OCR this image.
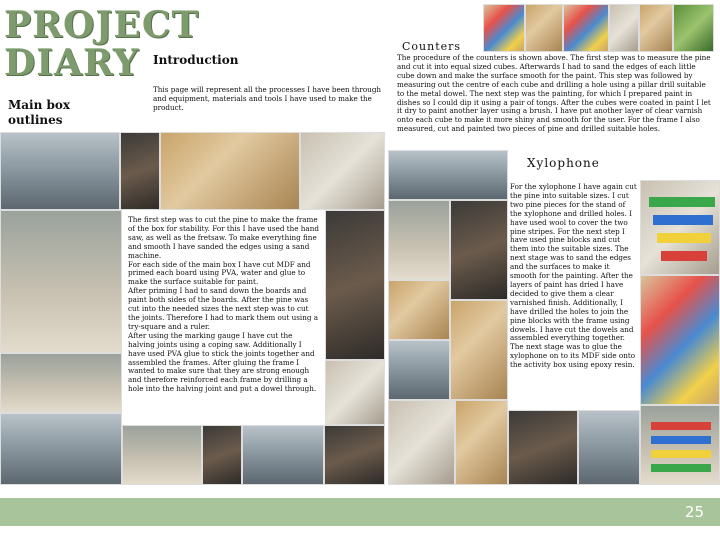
PROJECT
DIARY
Main box outlines
Introduction
This page will represent all the processes I have been through and equipment, materials and tools I have used to make the product.
Counters
The procedure of the counters is shown above. The first step was to measure the pine and cut it into equal sized cubes. Afterwards I had to sand the edges of each little cube down and make the surface smooth for the paint. This step was followed by measuring out the centre of each cube and drilling a hole using a pillar drill suitable to the metal dowel. The next step was the painting, for which I prepared paint in dishes so I could dip it using a pair of tongs. After the cubes were coated in paint I let it dry to paint another layer using a brush. I have put another layer of clear varnish onto each cube to make it more shiny and smooth for the user. For the frame I also measured, cut and painted two pieces of pine and drilled suitable holes.
The first step was to cut the pine to make the frame of the box for stability. For this I have used the hand saw, as well as the fretsaw. To make everything fine and smooth I have sanded the edges using a sand machine.
For each side of the main box I have cut MDF and primed each board using PVA, water and glue to make the surface suitable for paint.
After priming I had to sand down the boards and paint both sides of the boards. After the pine was cut into the needed sizes the next step was to cut the joints. Therefore I had to mark them out using a try-square and a ruler.
After using the marking gauge I have cut the halving joints using a coping saw. Additionally I have used PVA glue to stick the joints together and assembled the frames. After gluing the frame I wanted to make sure that they are strong enough and therefore reinforced each frame by drilling a hole into the halving joint and put a dowel through.
Xylophone
For the xylophone I have again cut the pine into suitable sizes. I cut two pine pieces for the stand of the xylophone and drilled holes. I have used wool to cover the two pine stripes. For the next step I have used pine blocks and cut them into the suitable sizes. The next stage was to sand the edges and the surfaces to make it smooth for the painting. After the layers of paint has dried I have decided to give them a clear varnished finish. Additionally, I have drilled the holes to join the pine blocks with the frame using dowels. I have cut the dowels and assembled everything together. The next stage was to glue the xylophone on to its MDF side onto the activity box using epoxy resin.
25
